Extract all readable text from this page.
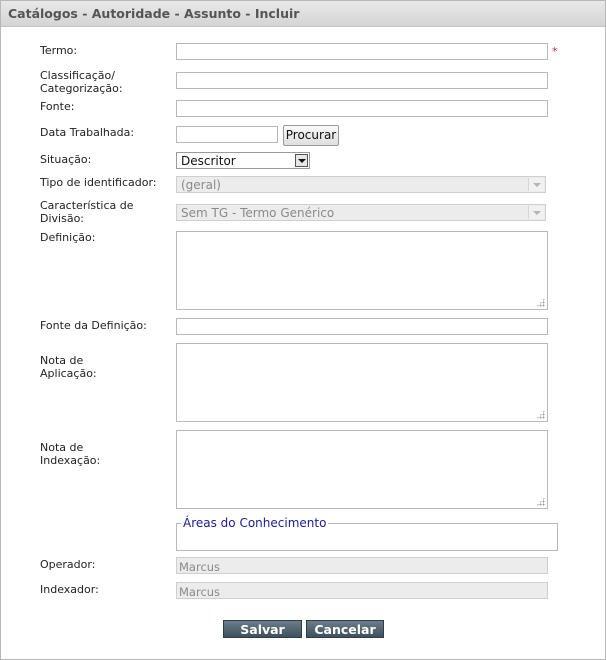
Catálogos - Autoridade - Assunto - Incluir
Termo:	*
Classificação/
Categorização:
Fonte:
Data Trabalhada:	Procurar
Situação:	Descritor
Tipo de identificador:	(geral)
Característica de
Divisão:	Sem TG - Termo Genérico
Definição:
Fonte da Definição:
Nota de
Aplicação:
Nota de
Indexação:
Áreas do Conhecimento
Operador:	Marcus
Indexador:	Marcus
Salvar	Cancelar
